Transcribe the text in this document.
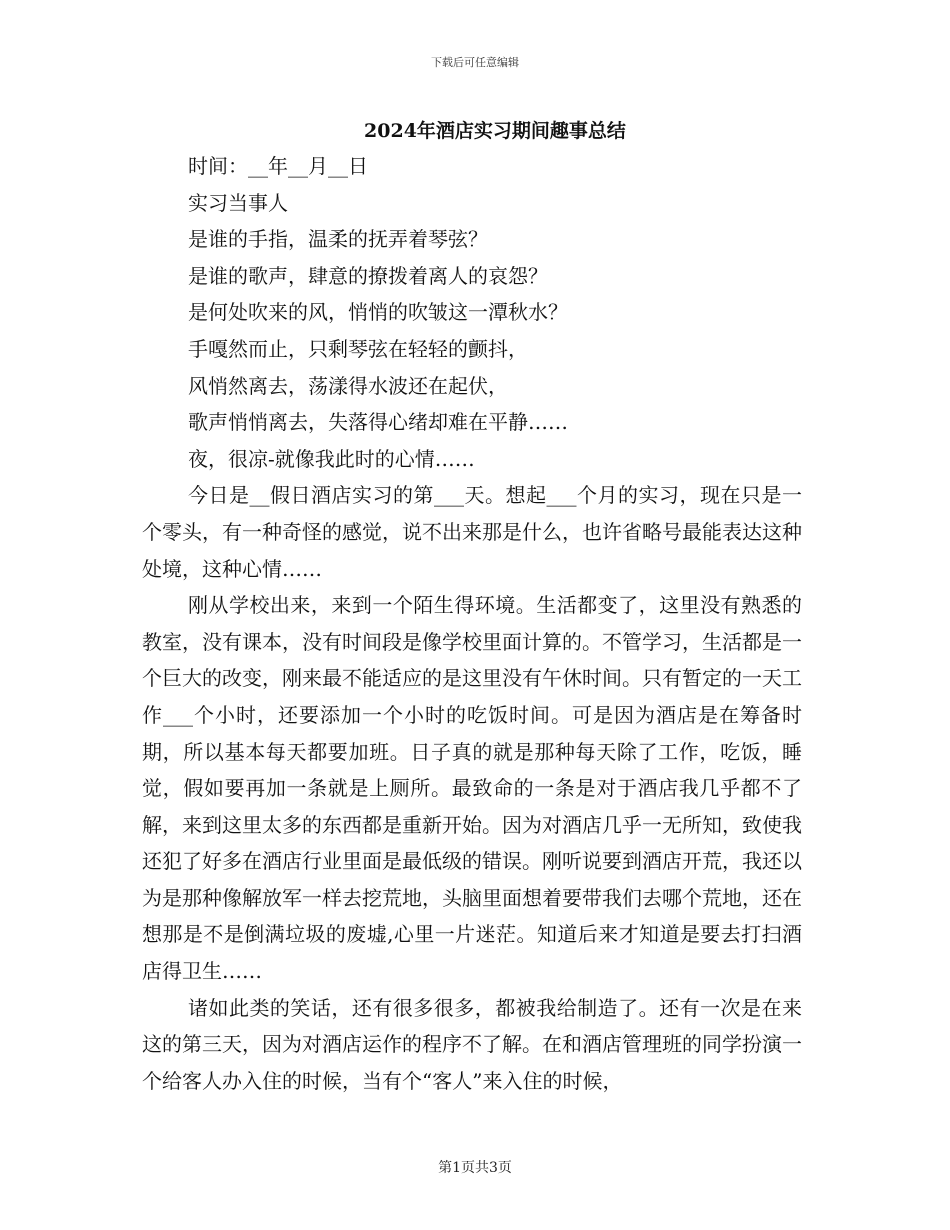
下载后可任意编辑
2024年酒店实习期间趣事总结
时间：__年__月__日
实习当事人
是谁的手指，温柔的抚弄着琴弦？
是谁的歌声，肆意的撩拨着离人的哀怨？
是何处吹来的风，悄悄的吹皱这一潭秋水？
手嘎然而止，只剩琴弦在轻轻的颤抖，
风悄然离去，荡漾得水波还在起伏，
歌声悄悄离去，失落得心绪却难在平静……
夜，很凉-就像我此时的心情……

今日是__假日酒店实习的第___天。想起___个月的实习，现在只是一个零头，有一种奇怪的感觉，说不出来那是什么，也许省略号最能表达这种处境，这种心情……

刚从学校出来，来到一个陌生得环境。生活都变了，这里没有熟悉的教室，没有课本，没有时间段是像学校里面计算的。不管学习，生活都是一个巨大的改变，刚来最不能适应的是这里没有午休时间。只有暂定的一天工作___个小时，还要添加一个小时的吃饭时间。可是因为酒店是在筹备时期，所以基本每天都要加班。日子真的就是那种每天除了工作，吃饭，睡觉，假如要再加一条就是上厕所。最致命的一条是对于酒店我几乎都不了解，来到这里太多的东西都是重新开始。因为对酒店几乎一无所知，致使我还犯了好多在酒店行业里面是最低级的错误。刚听说要到酒店开荒，我还以为是那种像解放军一样去挖荒地，头脑里面想着要带我们去哪个荒地，还在想那是不是倒满垃圾的废墟,心里一片迷茫。知道后来才知道是要去打扫酒店得卫生……

诸如此类的笑话，还有很多很多，都被我给制造了。还有一次是在来这的第三天，因为对酒店运作的程序不了解。在和酒店管理班的同学扮演一个给客人办入住的时候，当有个“客人”来入住的时候，

第1页共3页
